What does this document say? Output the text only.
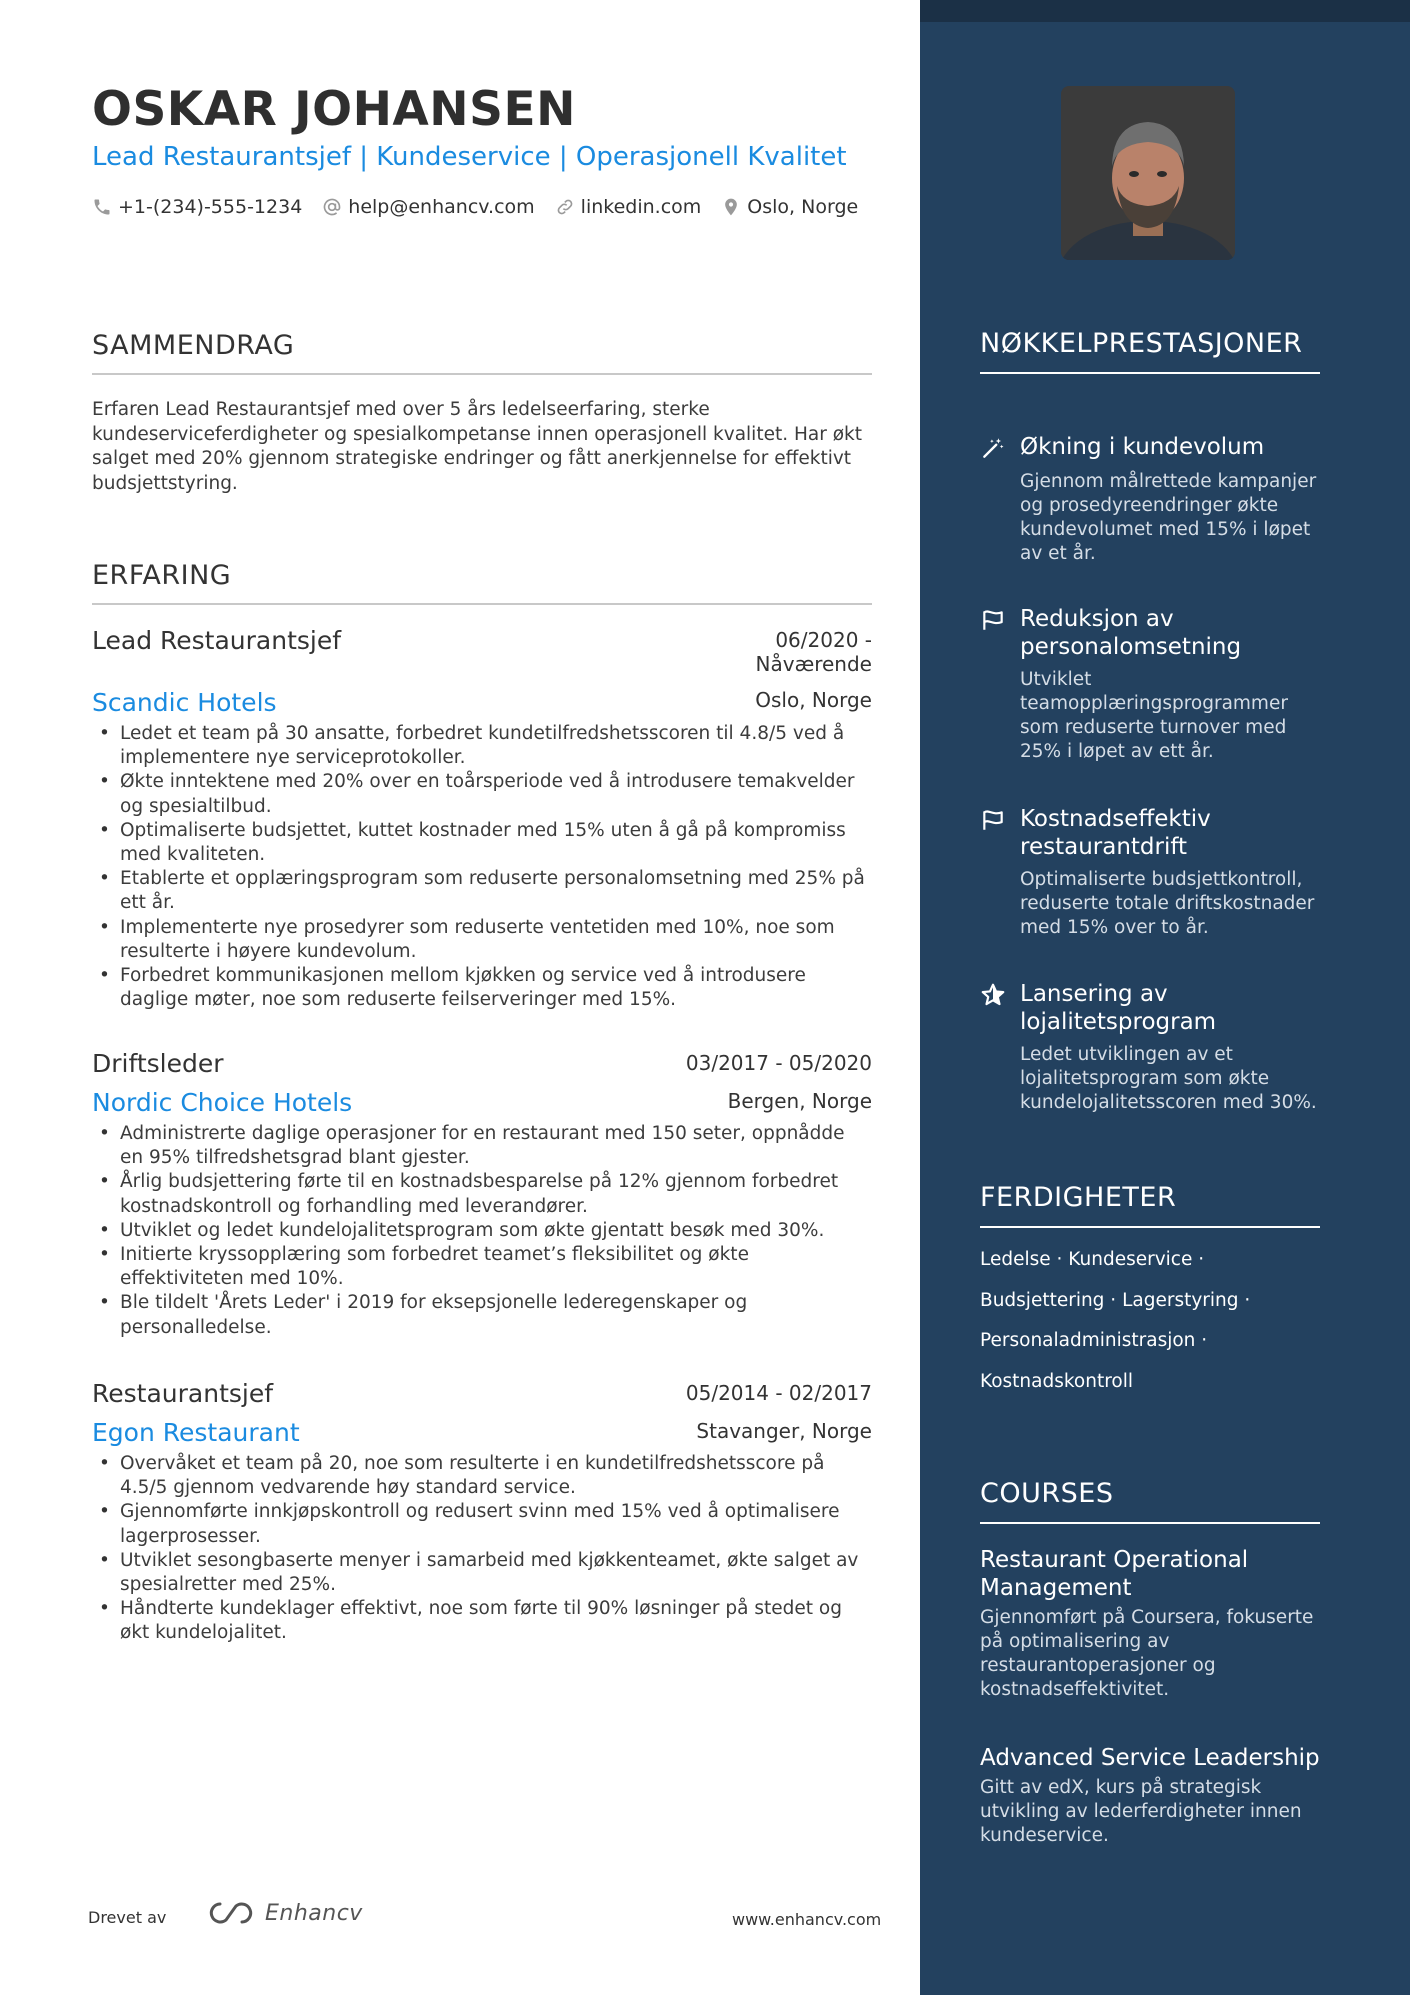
OSKAR JOHANSEN
Lead Restaurantsjef | Kundeservice | Operasjonell Kvalitet
+1-(234)-555-1234 help@enhancv.com linkedin.com Oslo, Norge
SAMMENDRAG
Erfaren Lead Restaurantsjef med over 5 års ledelseerfaring, sterke kundeserviceferdigheter og spesialkompetanse innen operasjonell kvalitet. Har økt salget med 20% gjennom strategiske endringer og fått anerkjennelse for effektivt budsjettstyring.
ERFARING
Lead Restaurantsjef	06/2020 -
Nåværende
Scandic Hotels	Oslo, Norge
• Ledet et team på 30 ansatte, forbedret kundetilfredshetsscoren til 4.8/5 ved å implementere nye serviceprotokoller.
• Økte inntektene med 20% over en toårsperiode ved å introdusere temakvelder og spesialtilbud.
• Optimaliserte budsjettet, kuttet kostnader med 15% uten å gå på kompromiss med kvaliteten.
• Etablerte et opplæringsprogram som reduserte personalomsetning med 25% på ett år.
• Implementerte nye prosedyrer som reduserte ventetiden med 10%, noe som resulterte i høyere kundevolum.
• Forbedret kommunikasjonen mellom kjøkken og service ved å introdusere daglige møter, noe som reduserte feilserveringer med 15%.
Driftsleder	03/2017 - 05/2020
Nordic Choice Hotels	Bergen, Norge
• Administrerte daglige operasjoner for en restaurant med 150 seter, oppnådde en 95% tilfredshetsgrad blant gjester.
• Årlig budsjettering førte til en kostnadsbesparelse på 12% gjennom forbedret kostnadskontroll og forhandling med leverandører.
• Utviklet og ledet kundelojalitetsprogram som økte gjentatt besøk med 30%.
• Initierte kryssopplæring som forbedret teamet’s fleksibilitet og økte effektiviteten med 10%.
• Ble tildelt 'Årets Leder' i 2019 for eksepsjonelle lederegenskaper og personalledelse.
Restaurantsjef	05/2014 - 02/2017
Egon Restaurant	Stavanger, Norge
• Overvåket et team på 20, noe som resulterte i en kundetilfredshetsscore på 4.5/5 gjennom vedvarende høy standard service.
• Gjennomførte innkjøpskontroll og redusert svinn med 15% ved å optimalisere lagerprosesser.
• Utviklet sesongbaserte menyer i samarbeid med kjøkkenteamet, økte salget av spesialretter med 25%.
• Håndterte kundeklager effektivt, noe som førte til 90% løsninger på stedet og økt kundelojalitet.
Drevet av	Enhancv	www.enhancv.com
NØKKELPRESTASJONER
Økning i kundevolum
Gjennom målrettede kampanjer og prosedyreendringer økte kundevolumet med 15% i løpet av et år.
Reduksjon av personalomsetning
Utviklet teamopplæringsprogrammer som reduserte turnover med 25% i løpet av ett år.
Kostnadseffektiv restaurantdrift
Optimaliserte budsjettkontroll, reduserte totale driftskostnader med 15% over to år.
Lansering av lojalitetsprogram
Ledet utviklingen av et lojalitetsprogram som økte kundelojalitetsscoren med 30%.
FERDIGHETER
Ledelse · Kundeservice ·
Budsjettering · Lagerstyring ·
Personaladministrasjon ·
Kostnadskontroll
COURSES
Restaurant Operational Management
Gjennomført på Coursera, fokuserte på optimalisering av restaurantoperasjoner og kostnadseffektivitet.
Advanced Service Leadership
Gitt av edX, kurs på strategisk utvikling av lederferdigheter innen kundeservice.
